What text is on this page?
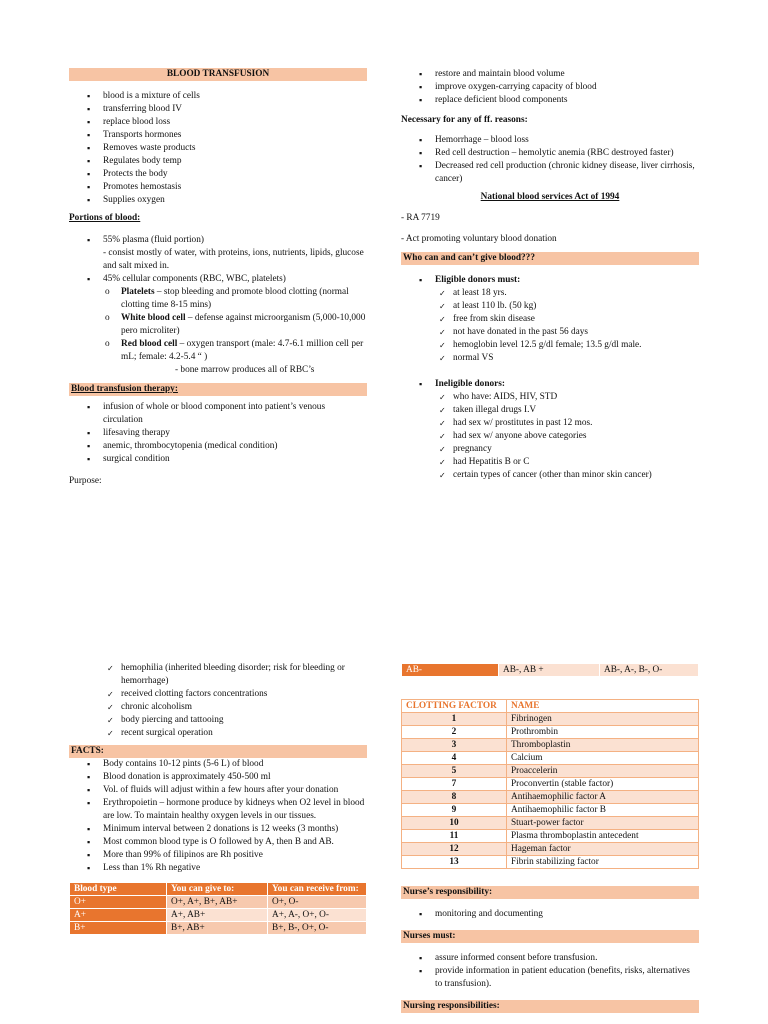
BLOOD TRANSFUSION
▪ blood is a mixture of cells
▪ transferring blood IV
▪ replace blood loss
▪ Transports hormones
▪ Removes waste products
▪ Regulates body temp
▪ Protects the body
▪ Promotes hemostasis
▪ Supplies oxygen
Portions of blood:
▪ 55% plasma (fluid portion)
- consist mostly of water, with proteins, ions, nutrients, lipids, glucose and salt mixed in.
▪ 45% cellular components (RBC, WBC, platelets)
o Platelets – stop bleeding and promote blood clotting (normal clotting time 8-15 mins)
o White blood cell – defense against microorganism (5,000-10,000 pero microliter)
o Red blood cell – oxygen transport (male: 4.7-6.1 million cell per mL; female: 4.2-5.4 “ )
- bone marrow produces all of RBC’s
Blood transfusion therapy:
▪ infusion of whole or blood component into patient’s venous circulation
▪ lifesaving therapy
▪ anemic, thrombocytopenia (medical condition)
▪ surgical condition
Purpose:
▪ restore and maintain blood volume
▪ improve oxygen-carrying capacity of blood
▪ replace deficient blood components
Necessary for any of ff. reasons:
▪ Hemorrhage – blood loss
▪ Red cell destruction – hemolytic anemia (RBC destroyed faster)
▪ Decreased red cell production (chronic kidney disease, liver cirrhosis, cancer)
National blood services Act of 1994
- RA 7719
- Act promoting voluntary blood donation
Who can and can’t give blood???
▪ Eligible donors must:
✓ at least 18 yrs.
✓ at least 110 lb. (50 kg)
✓ free from skin disease
✓ not have donated in the past 56 days
✓ hemoglobin level 12.5 g/dl female; 13.5 g/dl male.
✓ normal VS
▪ Ineligible donors:
✓ who have: AIDS, HIV, STD
✓ taken illegal drugs I.V
✓ had sex w/ prostitutes in past 12 mos.
✓ had sex w/ anyone above categories
✓ pregnancy
✓ had Hepatitis B or C
✓ certain types of cancer (other than minor skin cancer)
✓ hemophilia (inherited bleeding disorder; risk for bleeding or hemorrhage)
✓ received clotting factors concentrations
✓ chronic alcoholism
✓ body piercing and tattooing
✓ recent surgical operation
FACTS:
▪ Body contains 10-12 pints (5-6 L) of blood
▪ Blood donation is approximately 450-500 ml
▪ Vol. of fluids will adjust within a few hours after your donation
▪ Erythropoietin – hormone produce by kidneys when O2 level in blood are low. To maintain healthy oxygen levels in our tissues.
▪ Minimum interval between 2 donations is 12 weeks (3 months)
▪ Most common blood type is O followed by A, then B and AB.
▪ More than 99% of filipinos are Rh positive
▪ Less than 1% Rh negative
Blood type	You can give to:	You can receive from:
O+	O+, A+, B+, AB+	O+, O-
A+	A+, AB+	A+, A-, O+, O-
B+	B+, AB+	B+, B-, O+, O-
AB-	AB-, AB +	AB-, A-, B-, O-
CLOTTING FACTOR	NAME
1	Fibrinogen
2	Prothrombin
3	Thromboplastin
4	Calcium
5	Proaccelerin
7	Proconvertin (stable factor)
8	Antihaemophilic factor A
9	Antihaemophilic factor B
10	Stuart-power factor
11	Plasma thromboplastin antecedent
12	Hageman factor
13	Fibrin stabilizing factor
Nurse’s responsibility:
▪ monitoring and documenting
Nurses must:
▪ assure informed consent before transfusion.
▪ provide information in patient education (benefits, risks, alternatives to transfusion).
Nursing responsibilities:
